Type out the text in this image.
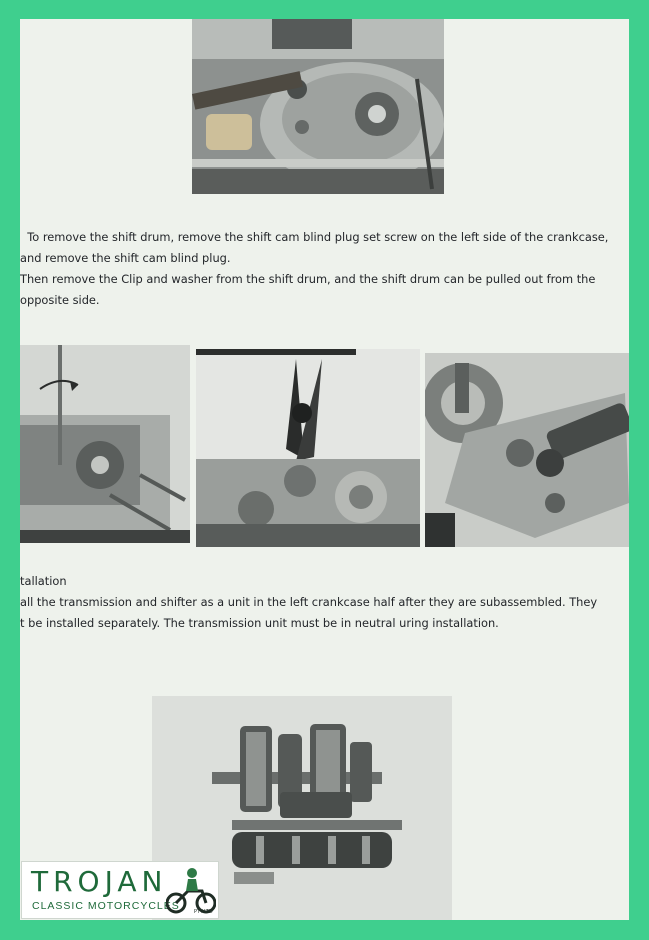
To remove the shift drum, remove the shift cam blind plug set screw on the left side of the crankcase,
and remove the shift cam blind plug.
Then remove the Clip and washer from the shift drum, and the shift drum can be pulled out from the
opposite side.

tallation
all the transmission and shifter as a unit in the left crankcase half after they are subassembled. They
t be installed separately. The transmission unit must be in neutral uring installation.

TROJAN
CLASSIC MOTORCYCLES	PTY.LTD
